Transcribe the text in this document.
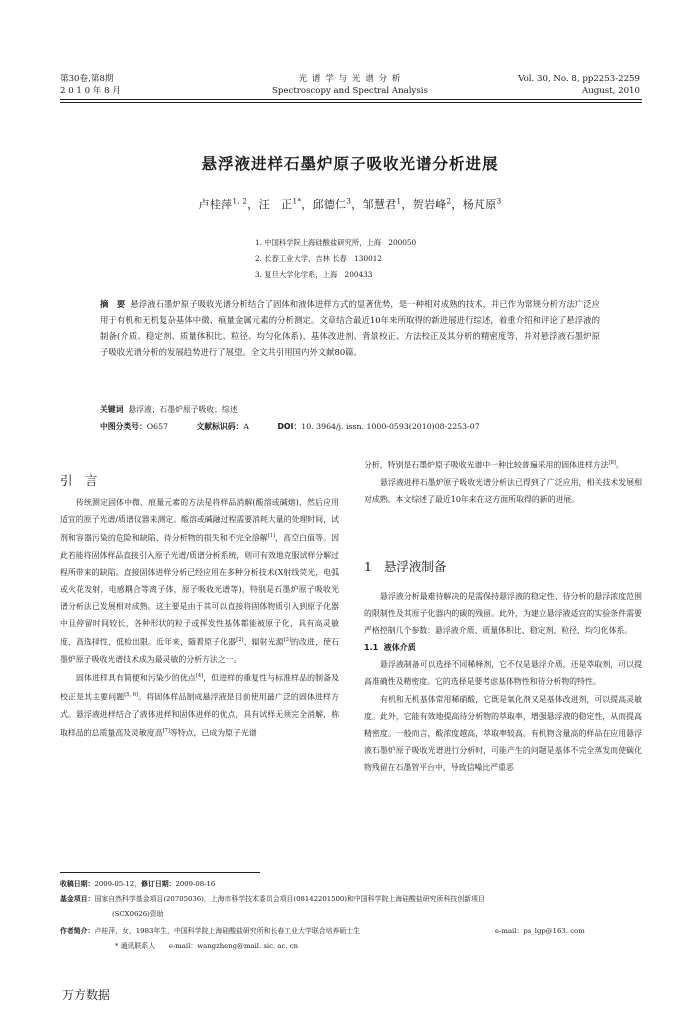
第30卷,第8期
2 0 1 0 年 8 月
光 谱 学 与 光 谱 分 析
Spectroscopy and Spectral Analysis
Vol. 30, No. 8, pp2253-2259
August, 2010
悬浮液进样石墨炉原子吸收光谱分析进展
卢桂萍$^{1, 2}$，汪　正$^{1*}$，邱德仁$^3$，邹慧君$^1$，贺岩峰$^2$，杨芃原$^3$
1. 中国科学院上海硅酸盐研究所，上海　200050
2. 长春工业大学，吉林 长春　130012
3. 复旦大学化学系，上海　200433
摘　要 悬浮液石墨炉原子吸收光谱分析结合了固体和液体进样方式的显著优势，是一种相对成熟的技术，并已作为常规分析方法广泛应用于有机和无机复杂基体中微、痕量金属元素的分析测定。文章结合最近10年来所取得的新进展进行综述，着重介绍和评论了悬浮液的制备(介质、稳定剂、质量体积比、粒径、均匀化体系)、基体改进剂、背景校正、方法校正及其分析的精密度等，并对悬浮液石墨炉原子吸收光谱分析的发展趋势进行了展望。全文共引用国内外文献80篇。
关键词 悬浮液；石墨炉原子吸收；综述
中图分类号：O657	文献标识码：A	DOI：10. 3964/j. issn. 1000-0593(2010)08-2253-07
引　言

传统测定固体中微、痕量元素的方法是将样品消解(酸溶或碱熔)，然后应用适宜的原子光谱/质谱仪器来测定。酸溶或碱融过程需要消耗大量的处理时间，试剂和容器污染的危险和缺陷，待分析物的损失和不完全溶解[1]，高空白值等。因此若能将固体样品直接引入原子光谱/质谱分析系统，则可有效地克服试样分解过程所带来的缺陷。直接固体进样分析已经应用在多种分析技术(X射线荧光，电弧或火花发射，电感耦合等离子体，原子吸收光谱等)，特别是石墨炉原子吸收光谱分析法已发展相对成熟。这主要是由于其可以直接将固体物质引入到原子化器中且停留时间较长，各种形状的粒子或挥发性基体都能被原子化，具有高灵敏度、高选择性、低检出限。近年来，随着原子化器[2]、辐射光源[3]的改进，使石墨炉原子吸收光谱技术成为最灵敏的分析方法之一。

固体进样具有简便和污染少的优点[4]，但进样的重复性与标准样品的制备及校正是其主要问题[5, 6]。将固体样品制成悬浮液是目前使用最广泛的固体进样方式。悬浮液进样结合了液体进样和固体进样的优点，具有试样无须完全消解，称取样品的总质量高及灵敏度高[7]等特点，已成为原子光谱

分析，特别是石墨炉原子吸收光谱中一种比较普遍采用的固体进样方法[8]。

悬浮液进样石墨炉原子吸收光谱分析法已得到了广泛应用，相关技术发展相对成熟。本文综述了最近10年来在这方面所取得的新的进展。

1 悬浮液制备

悬浮液分析最难待解决的是需保持悬浮液的稳定性、待分析的悬浮浓度范围的限制性及其原子化器内的碳的残留。此外，为建立悬浮液适宜的实验条件需要严格控制几个参数：悬浮液介质、质量体积比、稳定剂、粒径、均匀化体系。

1.1 液体介质

悬浮液制备可以选择不同稀释剂，它不仅是悬浮介质，还是萃取剂，可以提高准确性及精密度。它的选择是要考虑基体物性和待分析物的特性。

有机和无机基体常用稀硝酸，它既是氧化剂又是基体改进剂，可以提高灵敏度。此外，它能有效地提高待分析物的萃取率，增强悬浮液的稳定性，从而提高精密度。一般而言，酸浓度越高，萃取率较高。有机物含量高的样品在应用悬浮液石墨炉原子吸收光谱进行分析时，可能产生的问题是基体不完全蒸发而使碳化物残留在石墨管平台中，导致信噪比严重恶

收稿日期：2009-05-12，修订日期：2009-08-16
基金项目：国家自然科学基金项目(20705036)，上海市科学技术委员会项目(08142201500)和中国科学院上海硅酸盐研究所科技创新项目
(SCX0626)资助
作者简介：卢桂萍，女，1983年生，中国科学院上海硅酸盐研究所和长春工业大学联合培养硕士生	e-mail：ps_lgp@163. com
* 通讯联系人　　e-mail：wangzheng@mail. sic. ac. cn
万方数据
